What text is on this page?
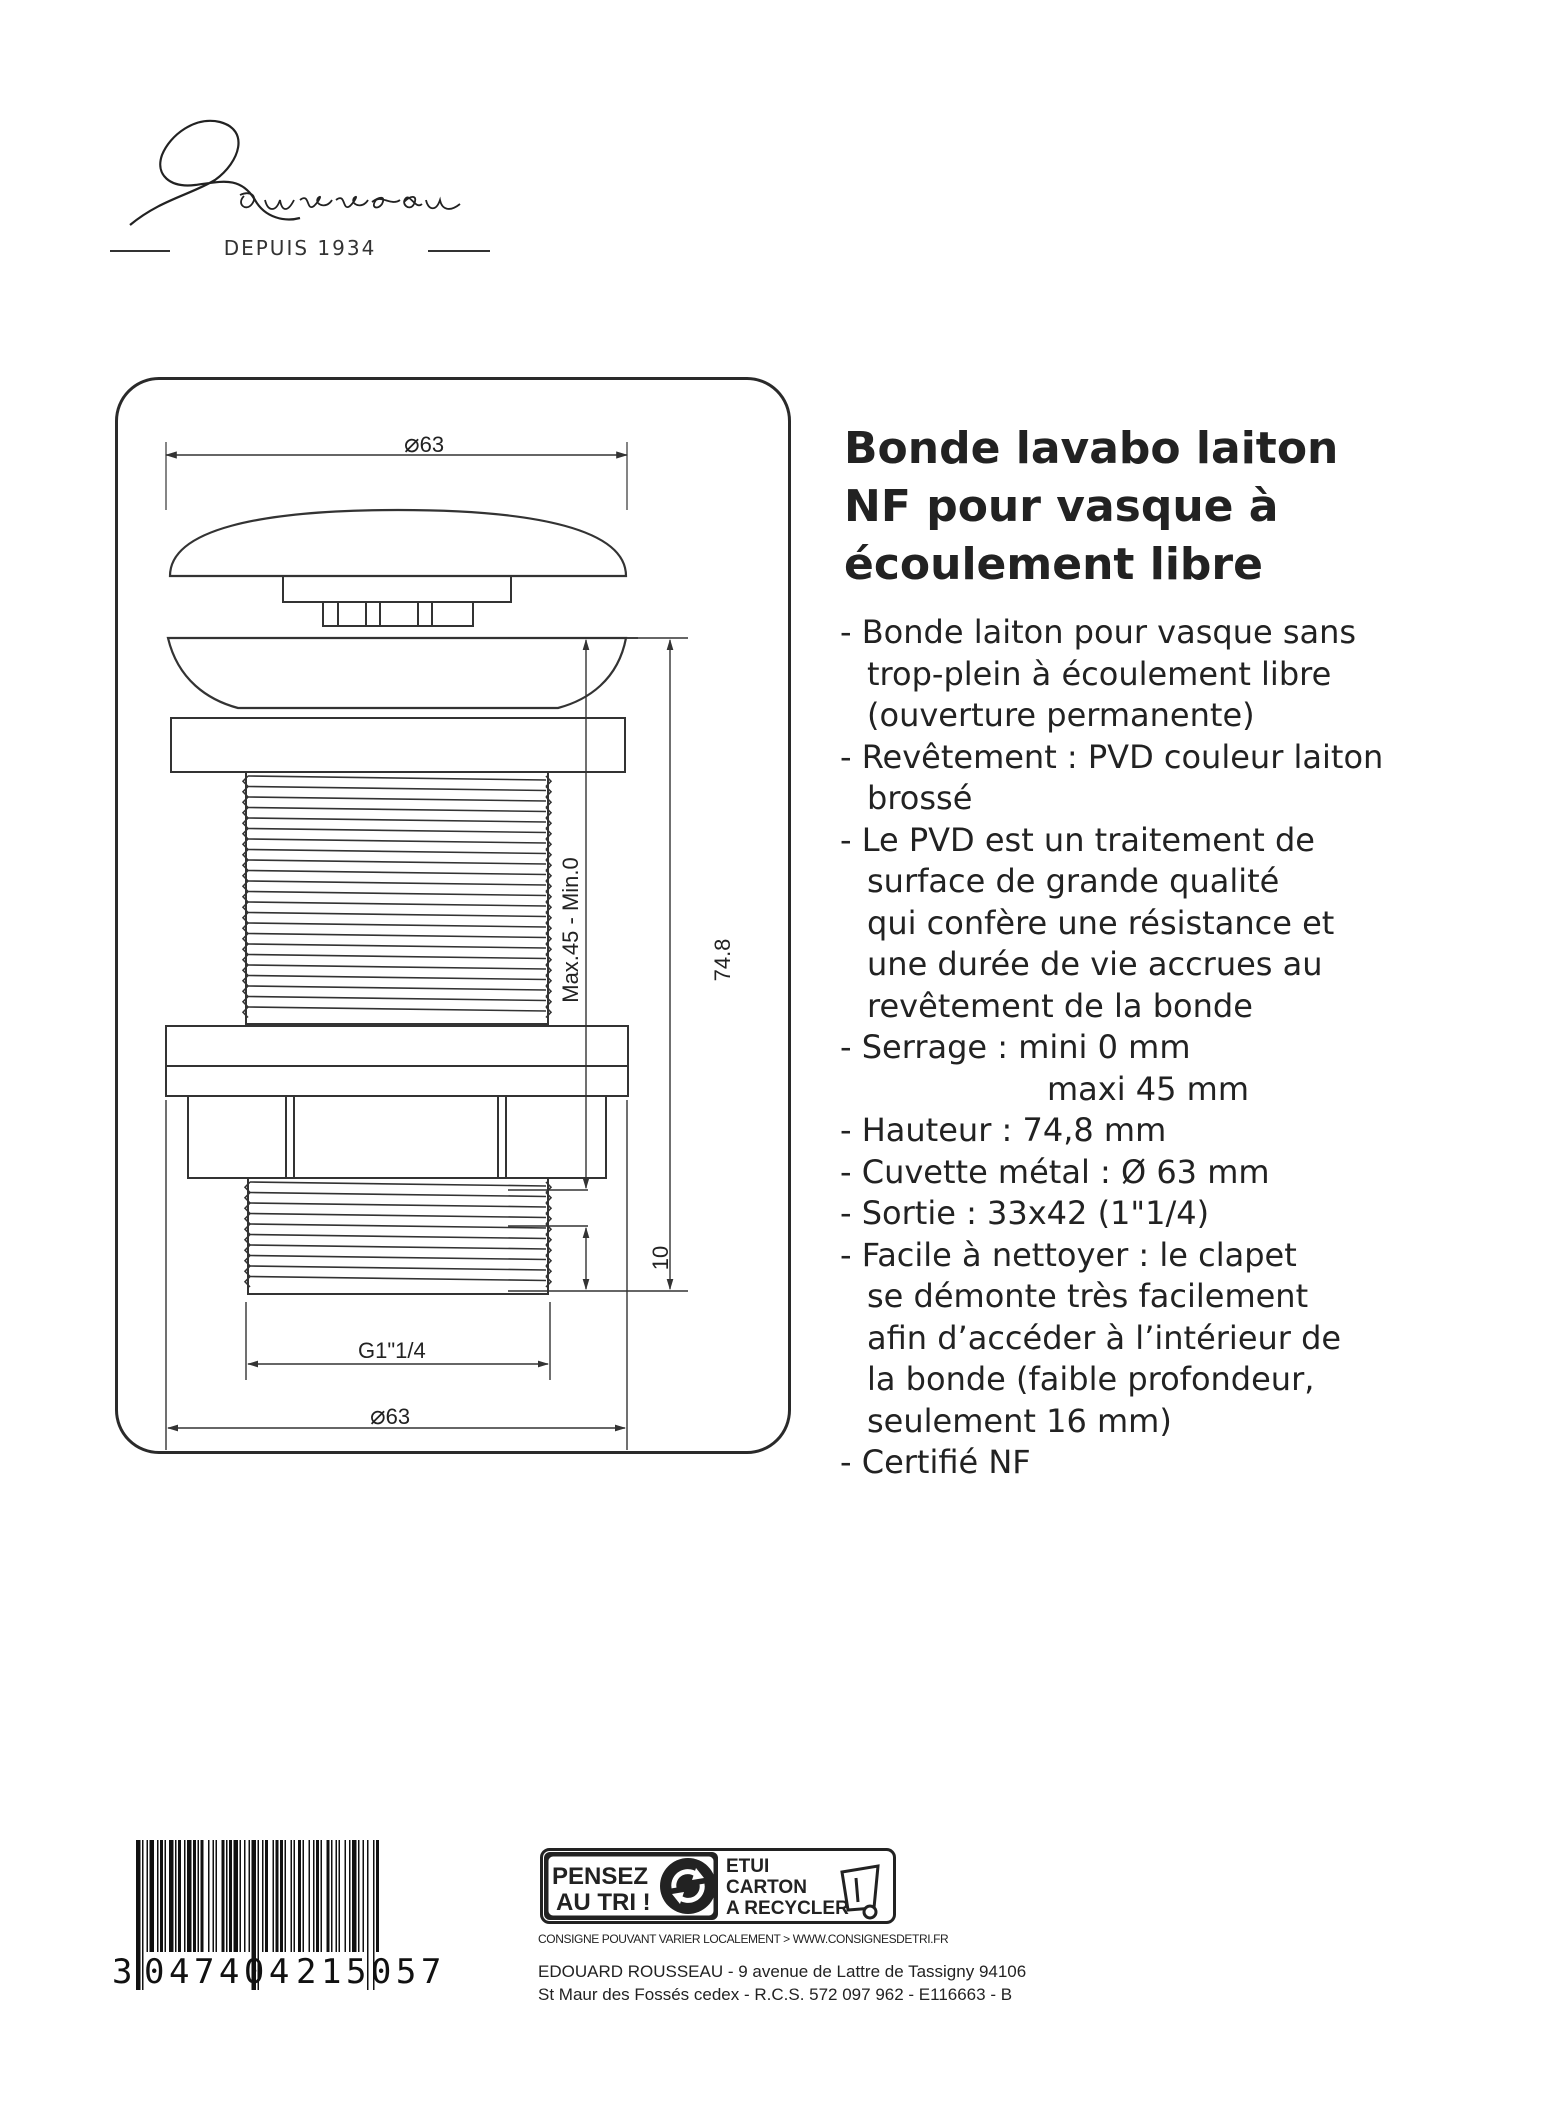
DEPUIS 1934
⌀63
G1"1/4
⌀63
Max.45 - Min.0	74.8
10
Bonde lavabo laiton
NF pour vasque à
écoulement libre
- Bonde laiton pour vasque sans
trop-plein à écoulement libre
(ouverture permanente)
- Revêtement : PVD couleur laiton
brossé
- Le PVD est un traitement de
surface de grande qualité
qui confère une résistance et
une durée de vie accrues au
revêtement de la bonde
- Serrage : mini 0 mm
maxi 45 mm
- Hauteur : 74,8 mm
- Cuvette métal : Ø 63 mm
- Sortie : 33x42 (1"1/4)
- Facile à nettoyer : le clapet
se démonte très facilement
afin d’accéder à l’intérieur de
la bonde (faible profondeur,
seulement 16 mm)
- Certifié NF
3 047404 215057
PENSEZ
AU TRI !
ETUI
CARTON
A RECYCLER
CONSIGNE POUVANT VARIER LOCALEMENT > WWW.CONSIGNESDETRI.FR
EDOUARD ROUSSEAU - 9 avenue de Lattre de Tassigny 94106
St Maur des Fossés cedex - R.C.S. 572 097 962 - E116663 - B
